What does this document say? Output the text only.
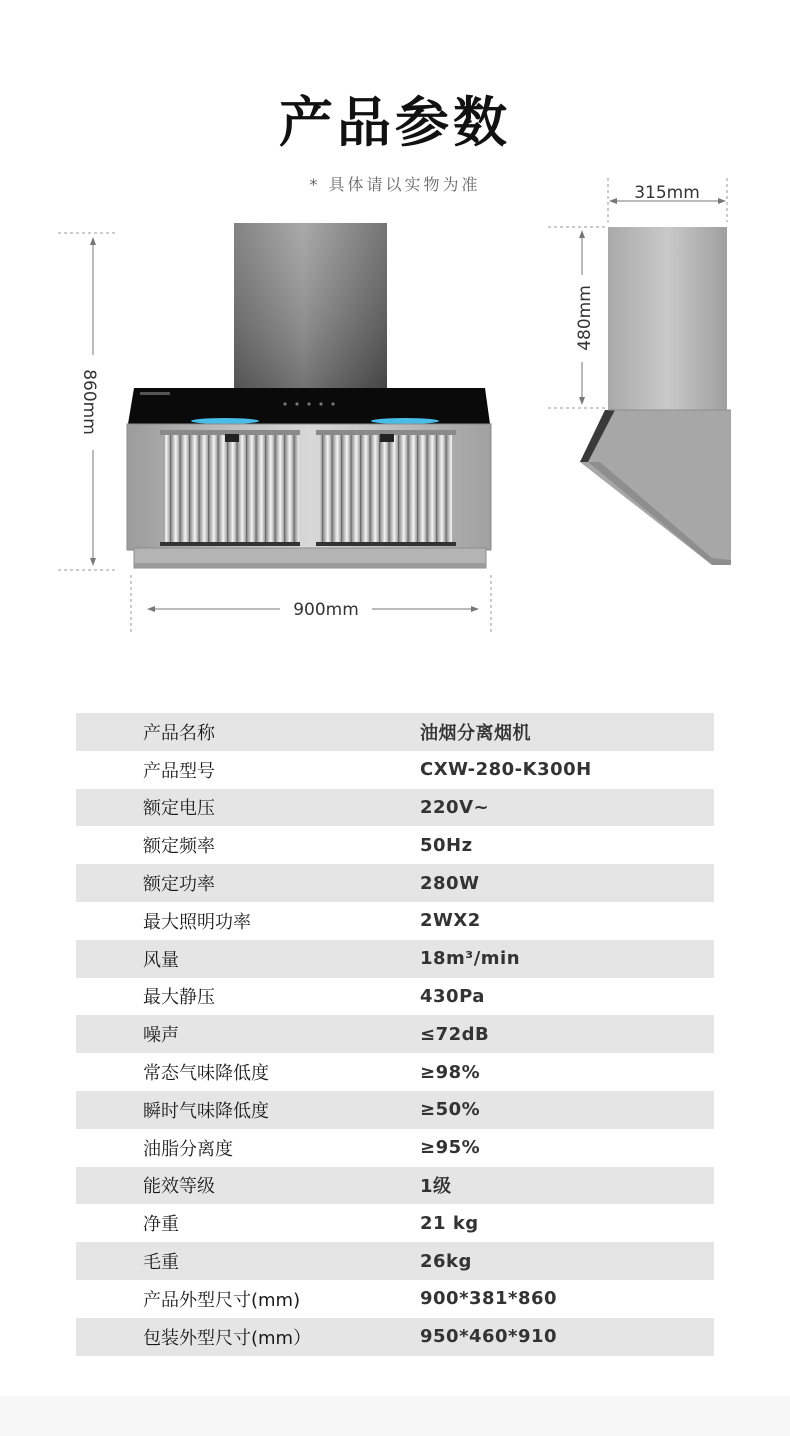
产品参数
* 具体请以实物为准
860mm
900mm
315mm
480mm
产品名称	油烟分离烟机
产品型号	CXW-280-K300H
额定电压	220V~
额定频率	50Hz
额定功率	280W
最大照明功率	2WX2
风量	18m³/min
最大静压	430Pa
噪声	≤72dB
常态气味降低度	≥98%
瞬时气味降低度	≥50%
油脂分离度	≥95%
能效等级	1级
净重	21 kg
毛重	26kg
产品外型尺寸(mm)	900*381*860
包装外型尺寸(mm）	950*460*910
